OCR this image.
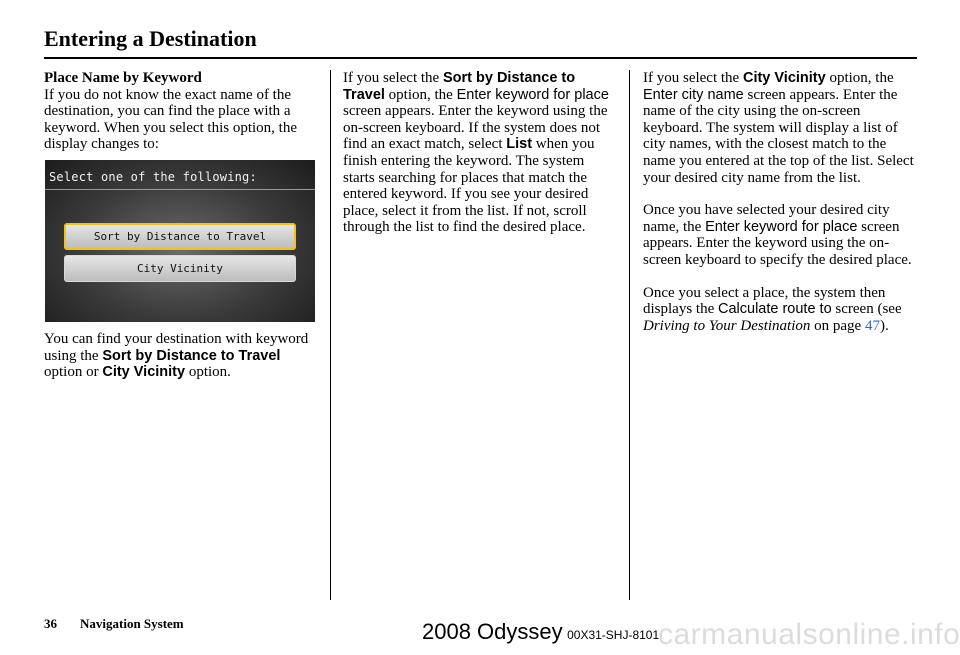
Entering a Destination

Place Name by Keyword

If you do not know the exact name of the destination, you can find the place with a keyword. When you select this option, the display changes to:

Select one of the following:
Sort by Distance to Travel
City Vicinity

You can find your destination with keyword using the Sort by Distance to Travel option or City Vicinity option.

If you select the Sort by Distance to Travel option, the Enter keyword for place screen appears. Enter the keyword using the on-screen keyboard. If the system does not find an exact match, select List when you finish entering the keyword. The system starts searching for places that match the entered keyword. If you see your desired place, select it from the list. If not, scroll through the list to find the desired place.

If you select the City Vicinity option, the Enter city name screen appears. Enter the name of the city using the on-screen keyboard. The system will display a list of city names, with the closest match to the name you entered at the top of the list. Select your desired city name from the list.

Once you have selected your desired city name, the Enter keyword for place screen appears. Enter the keyword using the on-screen keyboard to specify the desired place.

Once you select a place, the system then displays the Calculate route to screen (see Driving to Your Destination on page 47).

36 Navigation System	2008 Odyssey 00X31-SHJ-8101
carmanualsonline.info
